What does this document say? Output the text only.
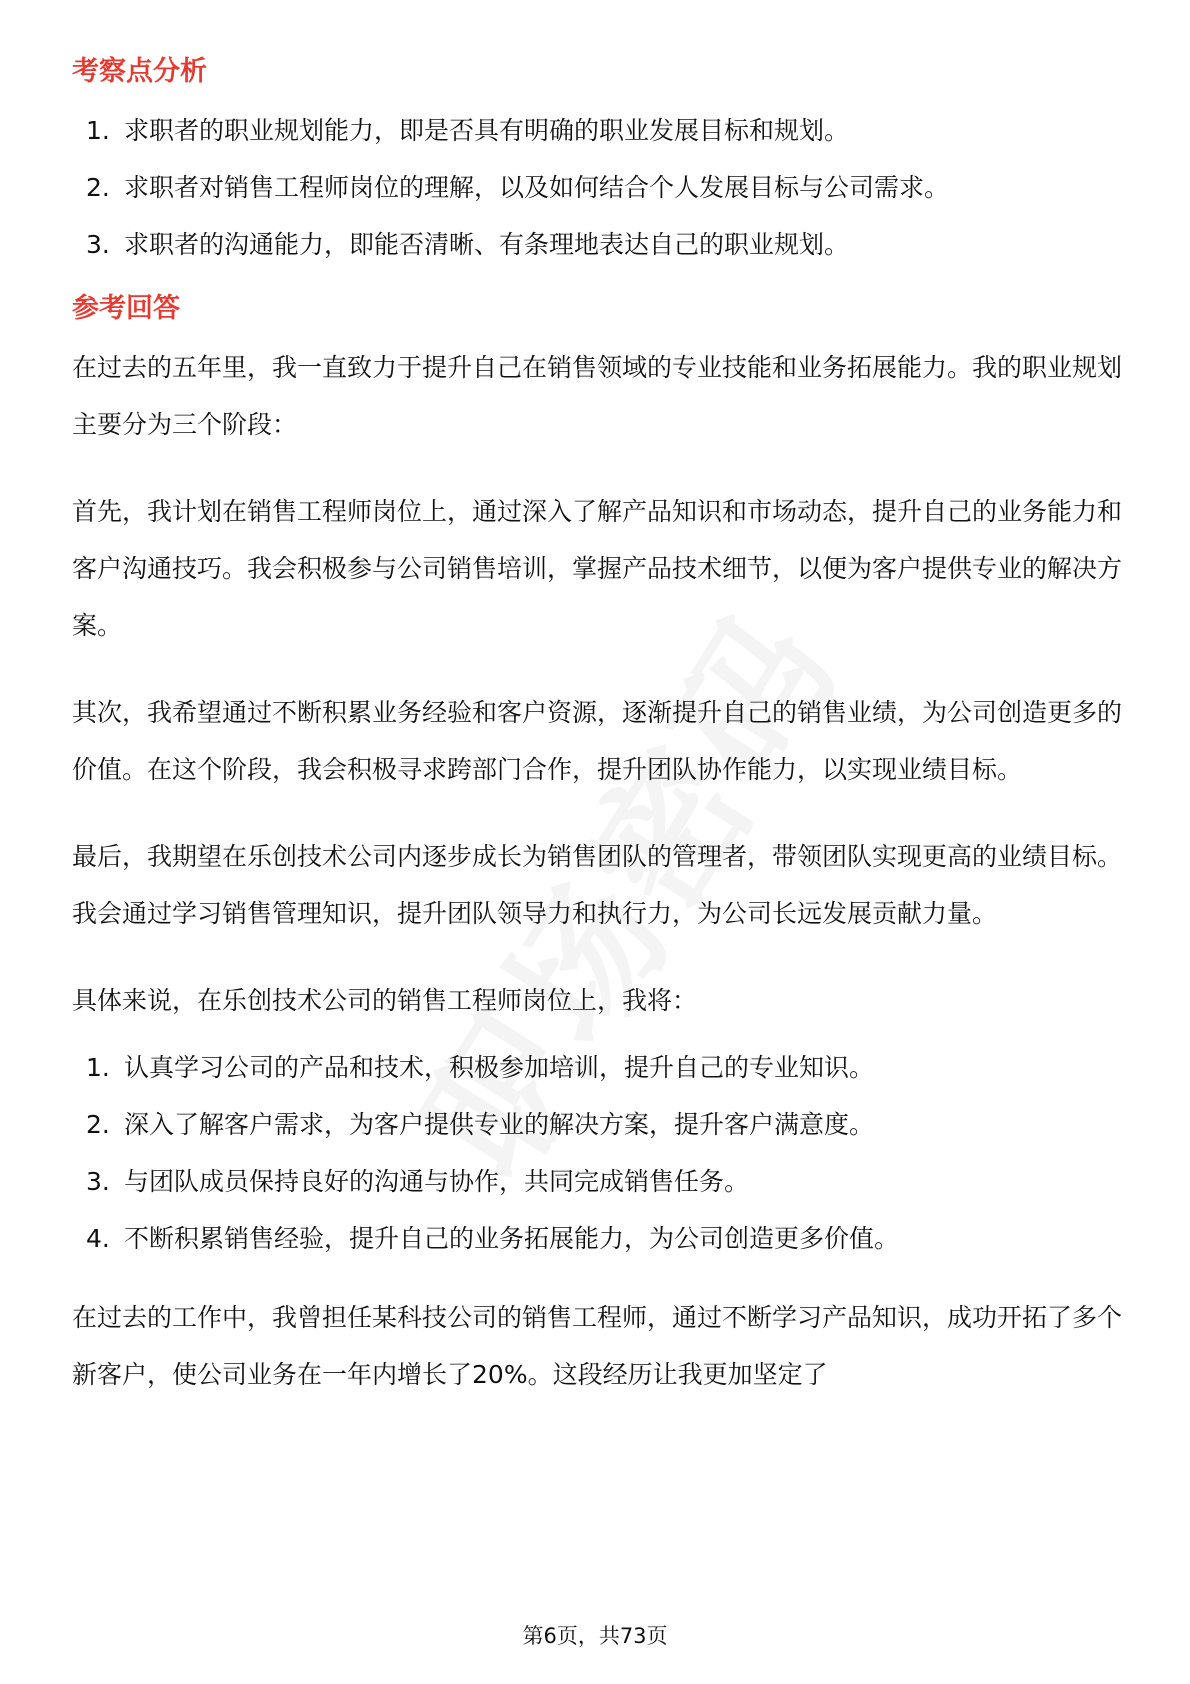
考察点分析
1. 求职者的职业规划能力，即是否具有明确的职业发展目标和规划。
2. 求职者对销售工程师岗位的理解，以及如何结合个人发展目标与公司需求。
3. 求职者的沟通能力，即能否清晰、有条理地表达自己的职业规划。
参考回答

在过去的五年里，我一直致力于提升自己在销售领域的专业技能和业务拓展能力。我的职业规划主要分为三个阶段：

首先，我计划在销售工程师岗位上，通过深入了解产品知识和市场动态，提升自己的业务能力和客户沟通技巧。我会积极参与公司销售培训，掌握产品技术细节，以便为客户提供专业的解决方案。

其次，我希望通过不断积累业务经验和客户资源，逐渐提升自己的销售业绩，为公司创造更多的价值。在这个阶段，我会积极寻求跨部门合作，提升团队协作能力，以实现业绩目标。

最后，我期望在乐创技术公司内逐步成长为销售团队的管理者，带领团队实现更高的业绩目标。我会通过学习销售管理知识，提升团队领导力和执行力，为公司长远发展贡献力量。

具体来说，在乐创技术公司的销售工程师岗位上，我将：

1. 认真学习公司的产品和技术，积极参加培训，提升自己的专业知识。
2. 深入了解客户需求，为客户提供专业的解决方案，提升客户满意度。
3. 与团队成员保持良好的沟通与协作，共同完成销售任务。
4. 不断积累销售经验，提升自己的业务拓展能力，为公司创造更多价值。

在过去的工作中，我曾担任某科技公司的销售工程师，通过不断学习产品知识，成功开拓了多个新客户，使公司业务在一年内增长了20%。这段经历让我更加坚定了

第6页，共73页
